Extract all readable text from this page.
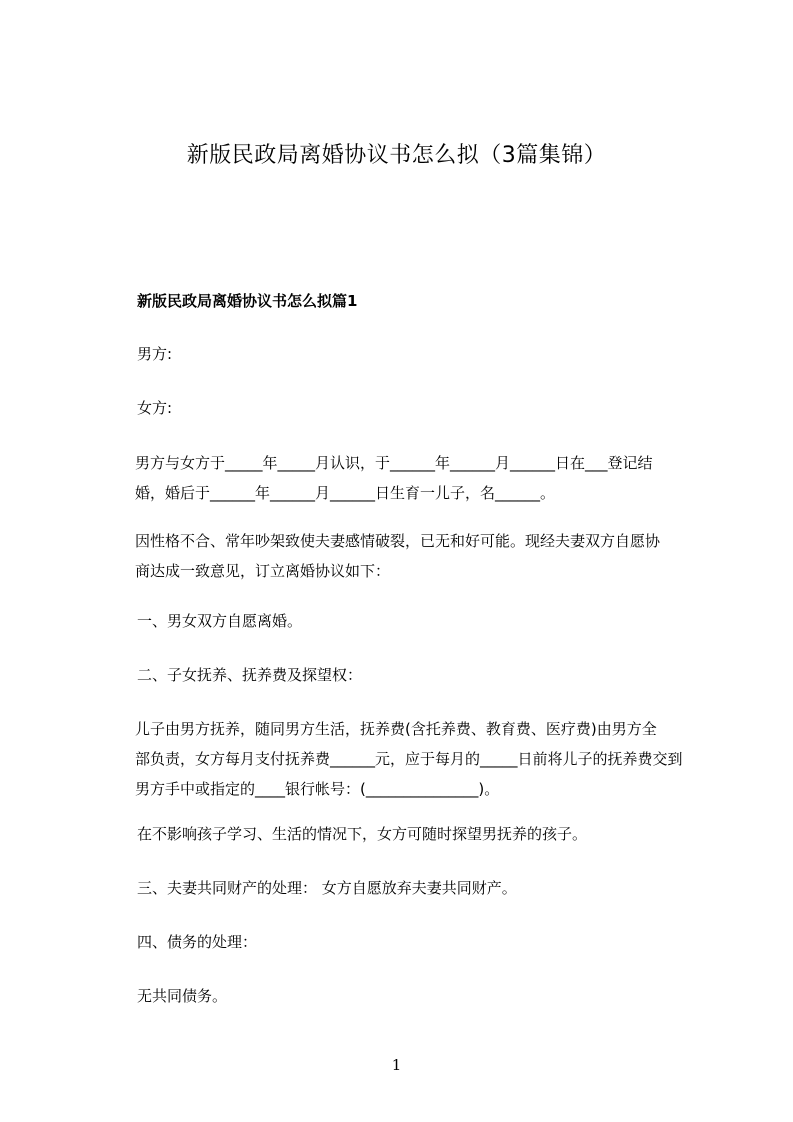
新版民政局离婚协议书怎么拟（3篇集锦）
新版民政局离婚协议书怎么拟篇1
男方:
女方:
男方与女方于_____年_____月认识，于______年______月______日在___登记结
婚，婚后于______年______月______日生育一儿子，名______。
因性格不合、常年吵架致使夫妻感情破裂，已无和好可能。现经夫妻双方自愿协
商达成一致意见，订立离婚协议如下：
一、男女双方自愿离婚。
二、子女抚养、抚养费及探望权：
儿子由男方抚养，随同男方生活，抚养费(含托养费、教育费、医疗费)由男方全
部负责，女方每月支付抚养费______元，应于每月的_____日前将儿子的抚养费交到
男方手中或指定的____银行帐号：(_______________)。
在不影响孩子学习、生活的情况下，女方可随时探望男抚养的孩子。
三、夫妻共同财产的处理： 女方自愿放弃夫妻共同财产。
四、债务的处理：
无共同债务。
1
